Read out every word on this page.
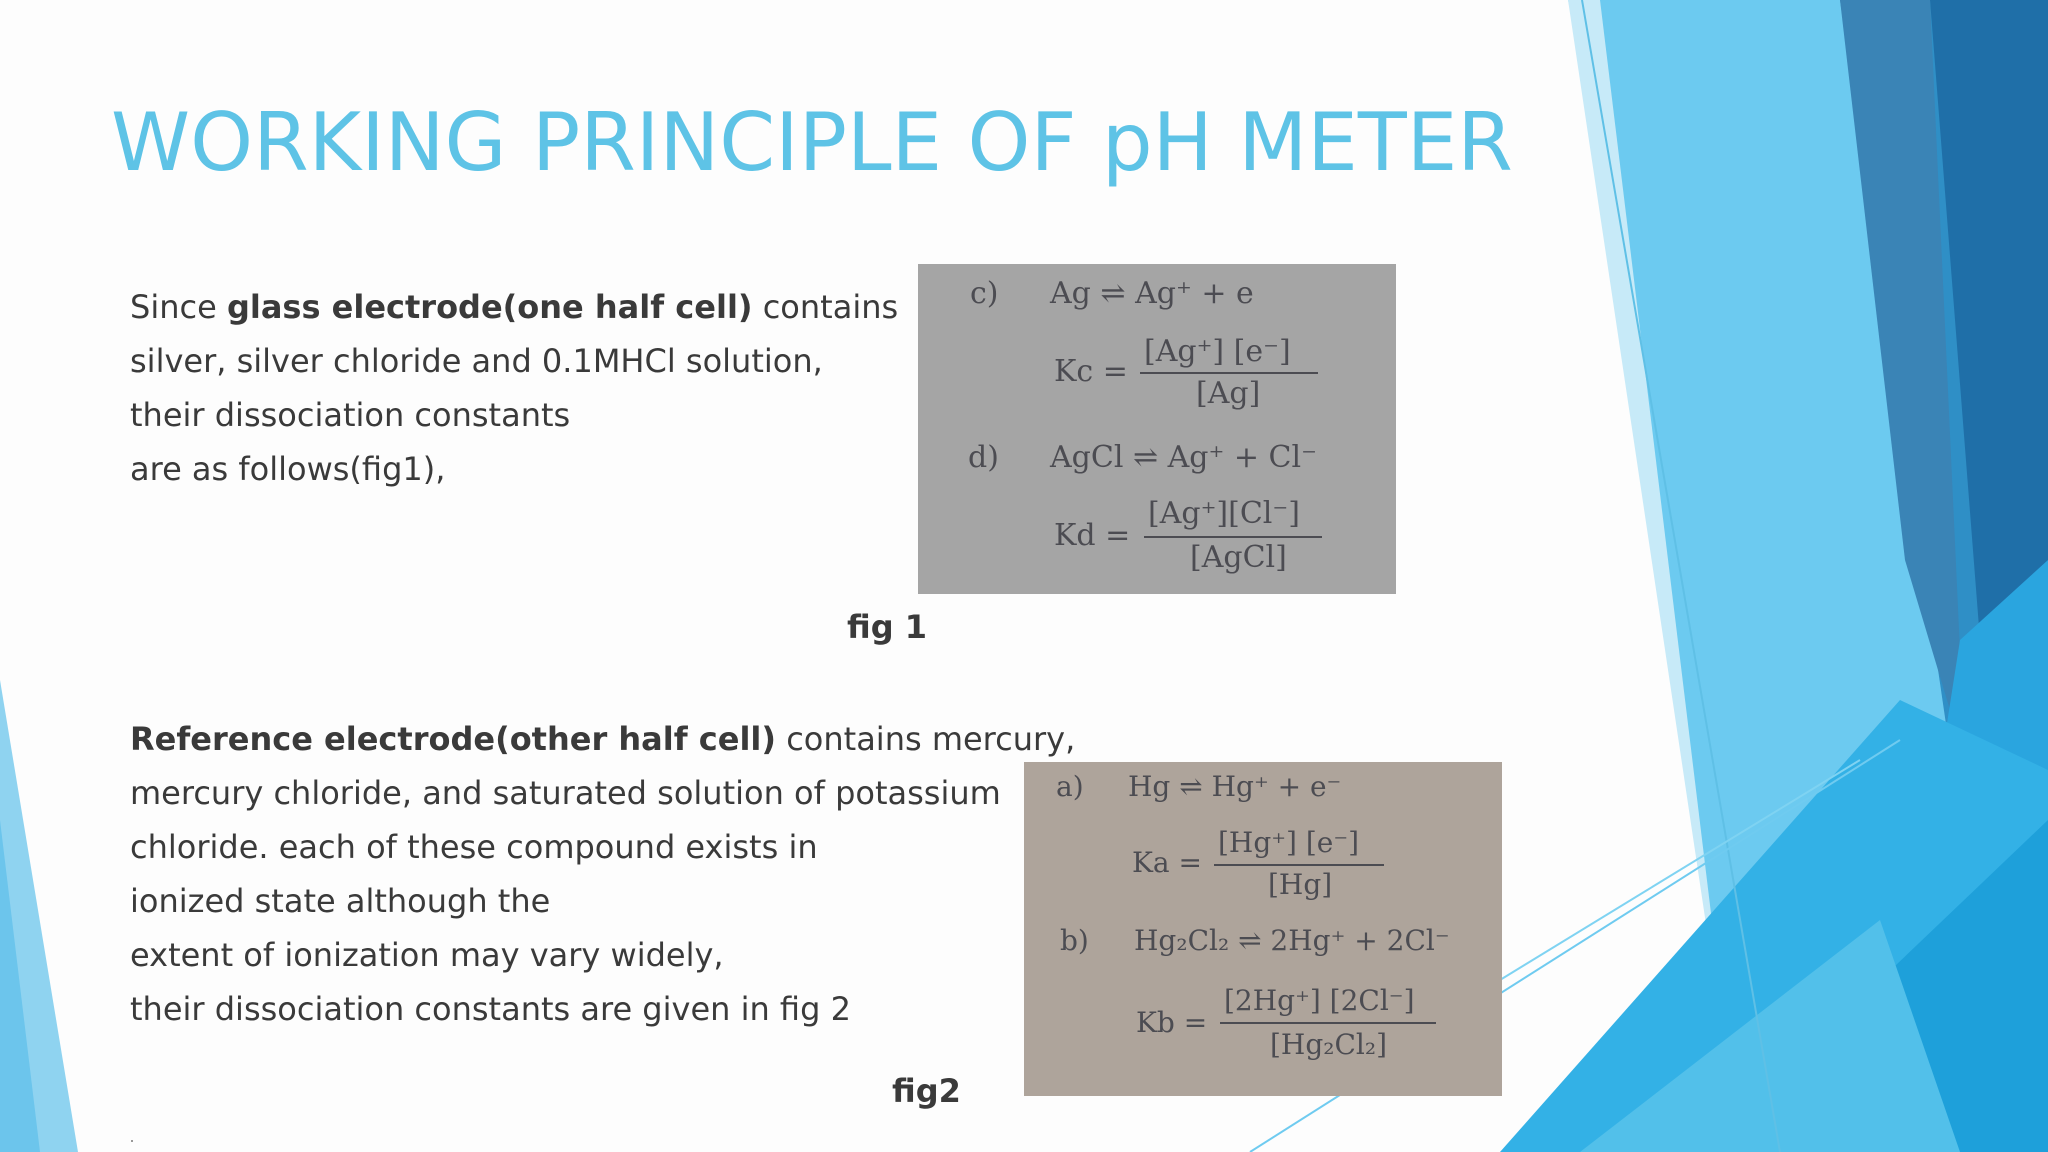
WORKING PRINCIPLE OF pH METER
Since glass electrode(one half cell) contains
silver, silver chloride and 0.1MHCl solution,
their dissociation constants
are as follows(fig1),
fig 1
Reference electrode(other half cell) contains mercury,
mercury chloride, and saturated solution of potassium
chloride. each of these compound exists in
ionized state although the
extent of ionization may vary widely,
their dissociation constants are given in fig 2
fig2
c) Ag ⇌ Ag⁺ + e
Kc =
[Ag⁺] [e⁻]
[Ag]
d) AgCl ⇌ Ag⁺ + Cl⁻
Kd =
[Ag⁺][Cl⁻]
[AgCl]
a) Hg ⇌ Hg⁺ + e⁻
Ka =
[Hg⁺] [e⁻]
[Hg]
b) Hg₂Cl₂ ⇌ 2Hg⁺ + 2Cl⁻
Kb =
[2Hg⁺] [2Cl⁻]
[Hg₂Cl₂]
